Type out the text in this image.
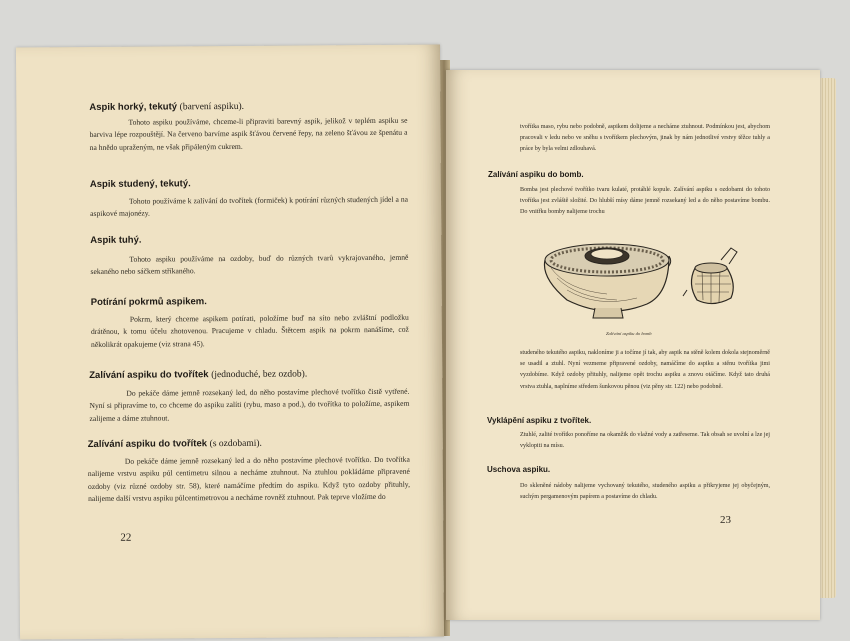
Aspik horký, tekutý (barvení aspiku).

Tohoto aspiku používáme, chceme-li připraviti barevný aspik, jelikož v teplém aspiku se barviva lépe rozpouštějí. Na červeno barvíme aspik šťávou červené řepy, na zeleno šťávou ze špenátu a na hnědo upraženým, ne však připáleným cukrem.

Aspik studený, tekutý.

Tohoto používáme k zalívání do tvořítek (formiček) k potírání různých studených jídel a na aspikové majonézy.

Aspik tuhý.

Tohoto aspiku používáme na ozdoby, buď do různých tvarů vykrajovaného, jemně sekaného nebo sáčkem stříkaného.

Potírání pokrmů aspikem.

Pokrm, který chceme aspikem potírati, položíme buď na síto nebo zvláštní podložku drátěnou, k tomu účelu zhotovenou. Pracujeme v chladu. Štětcem aspik na pokrm nanášíme, což několikrát opakujeme (viz strana 45).

Zalívání aspiku do tvořítek (jednoduché, bez ozdob).

Do pekáče dáme jemně rozsekaný led, do něho postavíme plechové tvořítko čistě vytřené. Nyní si připravíme to, co chceme do aspiku zalíti (rybu, maso a pod.), do tvořítka to položíme, aspikem zalijeme a dáme ztuhnout.

Zalívání aspiku do tvořítek (s ozdobami).

Do pekáče dáme jemně rozsekaný led a do něho postavíme plechové tvořítko. Do tvořítka nalijeme vrstvu aspiku půl centimetru silnou a necháme ztuhnout. Na ztuhlou pokládáme připravené ozdoby (viz různé ozdoby str. 58), které namáčíme předtím do aspiku. Když tyto ozdoby přituhly, nalijeme další vrstvu aspiku půlcentimetrovou a necháme rovněž ztuhnout. Pak teprve vložíme do

22

tvořítka maso, rybu nebo podobně, aspikem dolijeme a necháme ztuhnout. Podmínkou jest, abychom pracovali v ledu nebo ve sněhu s tvořítkem plechovým, jinak by nám jednotlivé vrstvy těžce tuhly a práce by byla velmi zdlouhavá.

Zalívání aspiku do bomb.

Bomba jest plechové tvořítko tvaru kulaté, protáhlé kopule. Zalívání aspiku s ozdobami do tohoto tvořítka jest zvláště složité. Do hlubší mísy dáme jemně rozsekaný led a do něho postavíme bombu. Do vnitřku bomby nalijeme trochu

studeného tekutého aspiku, nakloníme ji a točíme jí tak, aby aspik na stěně kolem dokola stejnoměrně se usadil a ztuhl. Nyní vezmeme připravené ozdoby, namáčíme do aspiku a stěnu tvořítka jimi vyzdobíme. Když ozdoby přituhly, nalijeme opět trochu aspiku a znovu otáčíme. Když tato druhá vrstva ztuhla, naplníme středem šunkovou pěnou (viz pěny str. 122) nebo podobně.

Vyklápění aspiku z tvořítek.

Ztuhlé, zalité tvořítko ponoříme na okamžik do vlažné vody a zatřeseme. Tak obsah se uvolní a lze jej vyklopiti na mísu.

Uschova aspiku.

Do skleněné nádoby nalijeme vychovaný tekutého, studeného aspiku a přikryjeme jej obyčejným, suchým pergamenovým papírem a postavíme do chladu.

23
Zalívání aspiku do bomb
